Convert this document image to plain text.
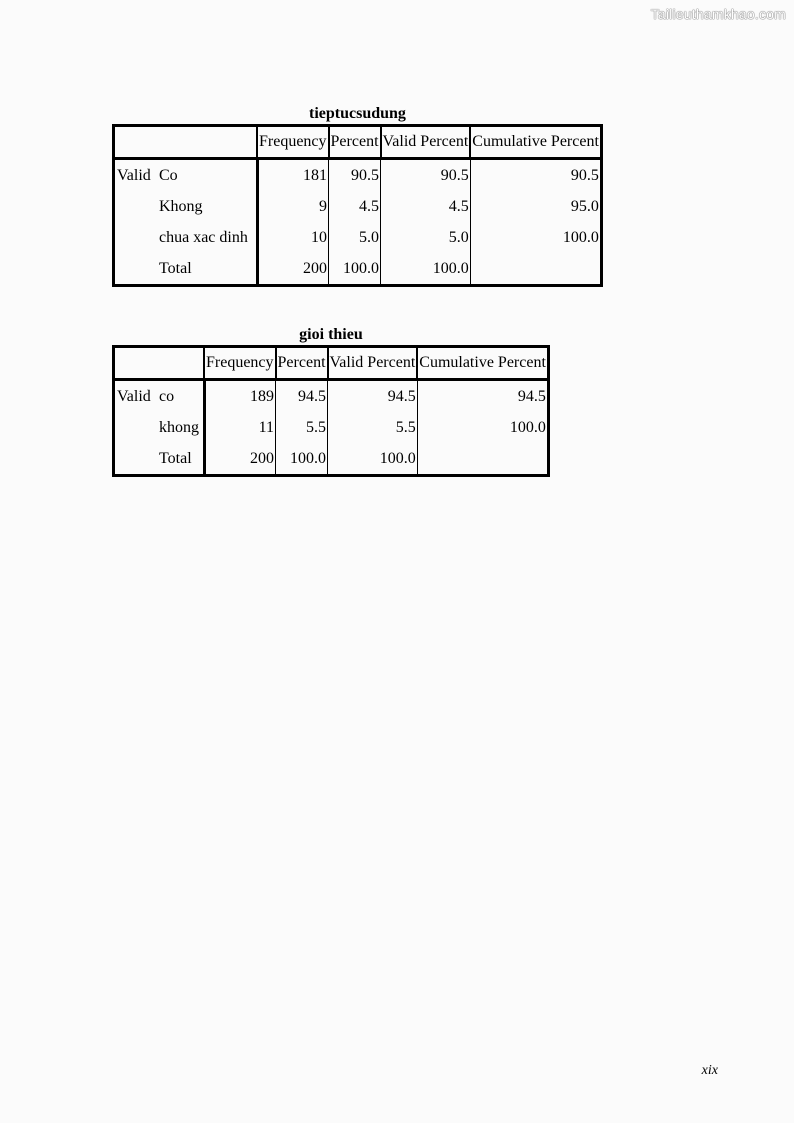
Tailieuthamkhao.com
tieptucsudung
	Frequency	Percent	Valid Percent	Cumulative Percent
Valid Co	181	90.5	90.5	90.5
Khong	9	4.5	4.5	95.0
chua xac dinh	10	5.0	5.0	100.0
Total	200	100.0	100.0	
gioi thieu
	Frequency	Percent	Valid Percent	Cumulative Percent
Valid co	189	94.5	94.5	94.5
khong	11	5.5	5.5	100.0
Total	200	100.0	100.0	
xix
